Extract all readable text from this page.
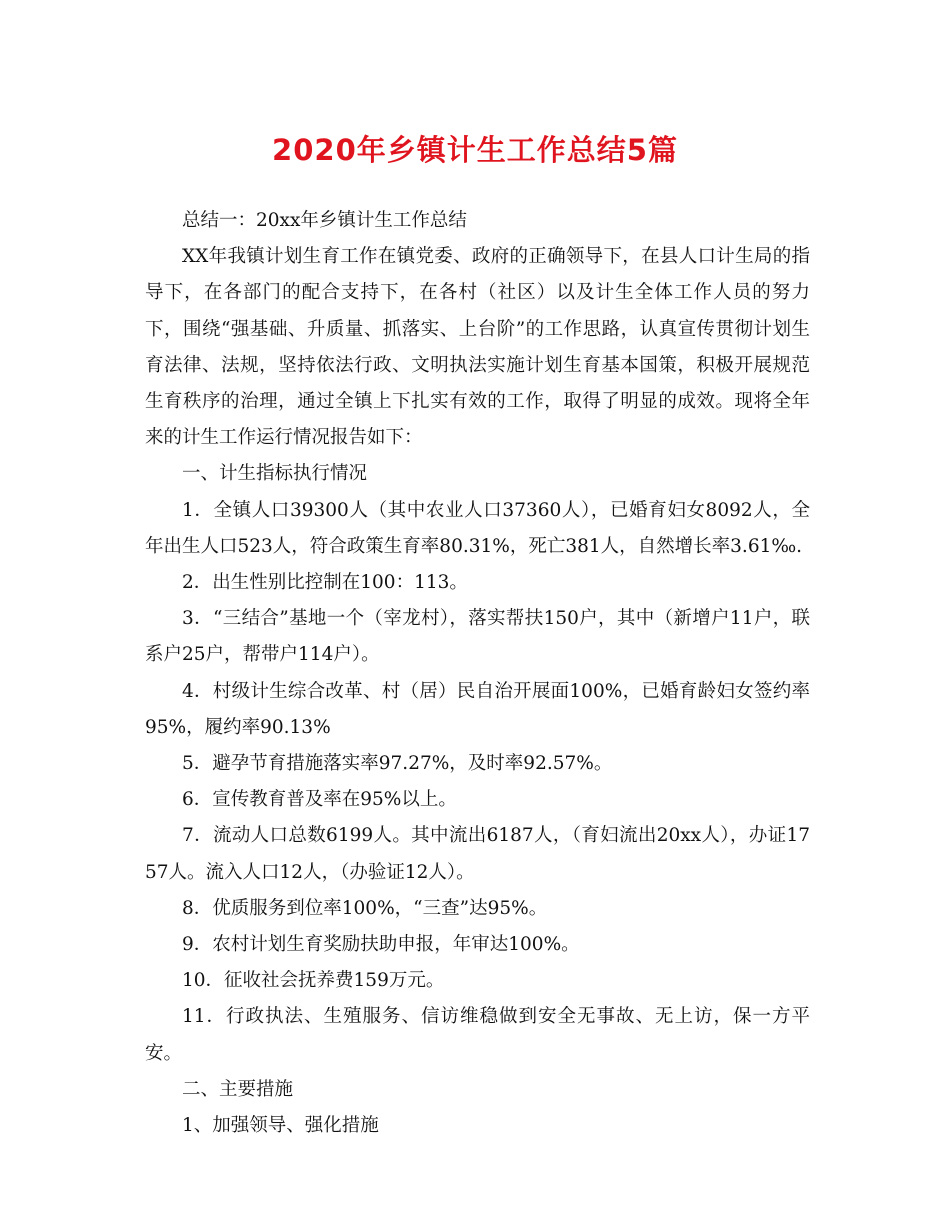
2020年乡镇计生工作总结5篇

总结一：20xx年乡镇计生工作总结

XX年我镇计划生育工作在镇党委、政府的正确领导下，在县人口计生局的指导下，在各部门的配合支持下，在各村（社区）以及计生全体工作人员的努力下，围绕“强基础、升质量、抓落实、上台阶”的工作思路，认真宣传贯彻计划生育法律、法规，坚持依法行政、文明执法实施计划生育基本国策，积极开展规范生育秩序的治理，通过全镇上下扎实有效的工作，取得了明显的成效。现将全年来的计生工作运行情况报告如下：

一、计生指标执行情况

1．全镇人口39300人（其中农业人口37360人），已婚育妇女8092人，全年出生人口523人，符合政策生育率80.31%，死亡381人，自然增长率3.61‰.

2．出生性别比控制在100：113。

3．“三结合”基地一个（宰龙村），落实帮扶150户，其中（新增户11户，联系户25户，帮带户114户）。

4．村级计生综合改革、村（居）民自治开展面100%，已婚育龄妇女签约率95%，履约率90.13%

5．避孕节育措施落实率97.27%，及时率92.57%。

6．宣传教育普及率在95%以上。

7．流动人口总数6199人。其中流出6187人，（育妇流出20xx人），办证1757人。流入人口12人，（办验证12人）。

8．优质服务到位率100%，“三查”达95%。

9．农村计划生育奖励扶助申报，年审达100%。

10．征收社会抚养费159万元。

11．行政执法、生殖服务、信访维稳做到安全无事故、无上访，保一方平安。

二、主要措施

1、加强领导、强化措施
